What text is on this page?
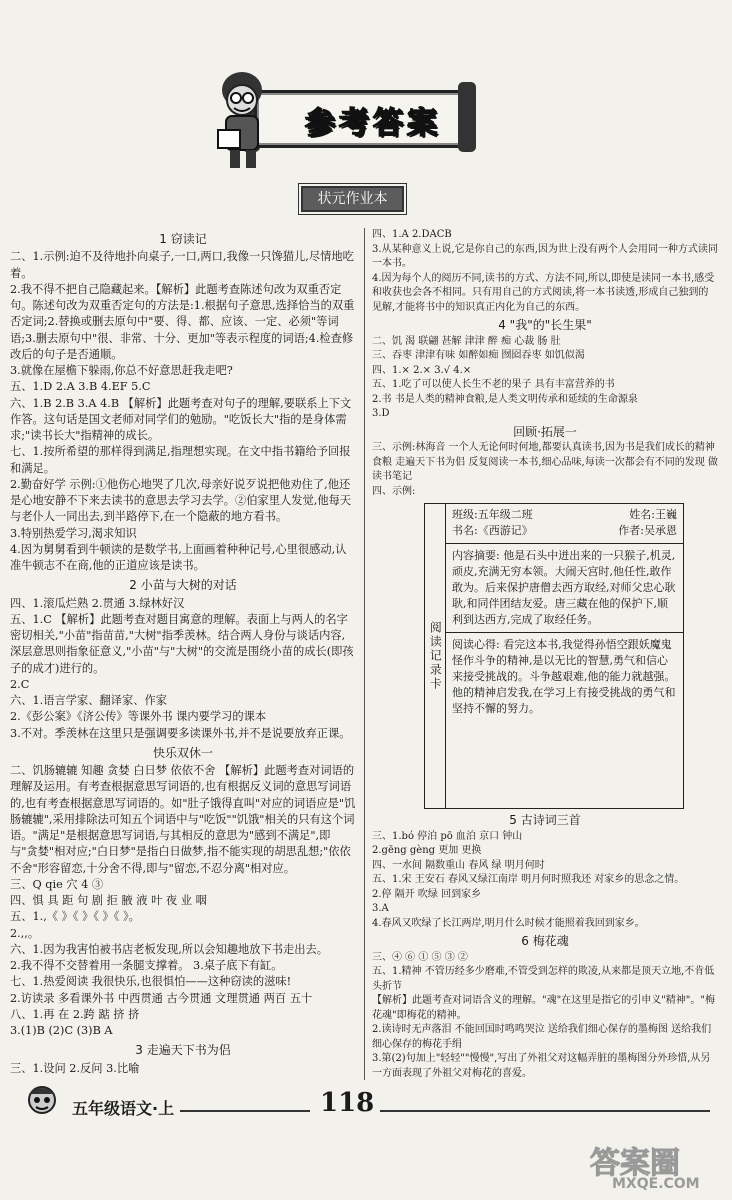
参考答案
状元作业本
1 窃读记
二、1.示例:迫不及待地扑向桌子,一口,两口,我像一只馋猫儿,尽情地吃着。
2.我不得不把自己隐藏起来。【解析】此题考查陈述句改为双重否定句。陈述句改为双重否定句的方法是:1.根据句子意思,选择恰当的双重否定词;2.替换或删去原句中"要、得、都、应该、一定、必须"等词语;3.删去原句中"很、非常、十分、更加"等表示程度的词语;4.检查修改后的句子是否通顺。
3.就像在屋檐下躲雨,你总不好意思赶我走吧?
五、1.D 2.A 3.B 4.EF 5.C
六、1.B 2.B 3.A 4.B 【解析】此题考查对句子的理解,要联系上下文作答。这句话是国文老师对同学们的勉励。"吃饭长大"指的是身体需求;"读书长大"指精神的成长。
七、1.按所希望的那样得到满足,指理想实现。在文中指书籍给予回报和满足。
2.勤奋好学 示例:①他伤心地哭了几次,母亲好说歹说把他劝住了,他还是心地安静不下来去读书的意思去学习去学。②伯家里人发觉,他每天与老仆人一同出去,到半路停下,在一个隐蔽的地方看书。
3.特别热爱学习,渴求知识
4.因为舅舅看到牛顿读的是数学书,上面画着种种记号,心里很感动,认准牛顿志不在商,他的正道应该是读书。
2 小苗与大树的对话
四、1.滚瓜烂熟 2.贯通 3.绿林好汉
五、1.C 【解析】此题考查对题目寓意的理解。表面上与两人的名字密切相关,"小苗"指苗苗,"大树"指季羡林。结合两人身份与谈话内容,深层意思则指象征意义,"小苗"与"大树"的交流是围绕小苗的成长(即孩子的成才)进行的。
2.C
六、1.语言学家、翻译家、作家
2.《彭公案》《济公传》等课外书 课内要学习的课本
3.不对。季羡林在这里只是强调要多读课外书,并不是说要放弃正课。
快乐双休一
二、饥肠辘辘 知趣 贪婪 白日梦 依依不舍 【解析】此题考查对词语的理解及运用。有考查根据意思写词语的,也有根据反义词的意思写词语的,也有考查根据意思写词语的。如"肚子饿得直叫"对应的词语应是"饥肠辘辘",采用排除法可知五个词语中与"吃饭""饥饿"相关的只有这个词语。"满足"是根据意思写词语,与其相反的意思为"感到不满足",即与"贪婪"相对应;"白日梦"是指白日做梦,指不能实现的胡思乱想;"依依不舍"形容留恋,十分舍不得,即与"留恋,不忍分离"相对应。
三、Q qie 穴 4 ③
四、惧 具 距 句 剧 拒 腋 液 叶 夜 业 咽
五、1.,《 》《 》《 》《 》。
2.,,。
六、1.因为我害怕被书店老板发现,所以会知趣地放下书走出去。
2.我不得不交替着用一条腿支撑着。 3.桌子底下有缸。
七、1.热爱阅读 我很快乐,也很惧怕——这种窃读的滋味!
2.访读录 多看课外书 中西贯通 古今贯通 文理贯通 两百 五十
八、1.再 在 2.跨 踮 挤 挤
3.(1)B (2)C (3)B A
3 走遍天下书为侣
三、1.设问 2.反问 3.比喻
四、1.A 2.DACB
3.从某种意义上说,它是你自己的东西,因为世上没有两个人会用同一种方式读同一本书。
4.因为每个人的阅历不同,读书的方式、方法不同,所以,即使是读同一本书,感受和收获也会各不相同。只有用自己的方式阅读,将一本书读透,形成自己独到的见解,才能将书中的知识真正内化为自己的东西。
4 "我"的"长生果"
二、饥 渴 联翩 甚解 津津 醉 痴 心裁 肠 肚
三、吞枣 津津有味 如醉如痴 囫囵吞枣 如饥似渴
四、1.× 2.× 3.√ 4.×
五、1.吃了可以使人长生不老的果子 具有丰富营养的书
2.书 书是人类的精神食粮,是人类文明传承和延续的生命源泉
3.D
回顾·拓展一
三、示例:林海音 一个人无论何时何地,都要认真读书,因为书是我们成长的精神食粮 走遍天下书为侣 反复阅读一本书,细心品味,每读一次都会有不同的发现 做读书笔记
四、示例:
阅读记录卡
班级:五年级二班	姓名:王巍
书名:《西游记》	作者:吴承恩
内容摘要: 他是石头中迸出来的一只猴子,机灵,顽皮,充满无穷本领。大闹天宫时,他任性,敢作敢为。后来保护唐僧去西方取经,对师父忠心耿耿,和同伴团结友爱。唐三藏在他的保护下,顺利到达西方,完成了取经任务。
阅读心得: 看完这本书,我觉得孙悟空跟妖魔鬼怪作斗争的精神,是以无比的智慧,勇气和信心来接受挑战的。斗争越艰难,他的能力就越强。他的精神启发我,在学习上有接受挑战的勇气和坚持不懈的努力。
5 古诗词三首
三、1.bó 停泊 pō 血泊 京口 钟山
2.gēng gèng 更加 更换
四、一水间 隔数重山 春风 绿 明月何时
五、1.宋 王安石 春风又绿江南岸 明月何时照我还 对家乡的思念之情。
2.停 隔开 吹绿 回到家乡
3.A
4.春风又吹绿了长江两岸,明月什么时候才能照着我回到家乡。
6 梅花魂
三、④ ⑥ ① ⑤ ③ ②
五、1.精神 不管历经多少磨难,不管受到怎样的欺凌,从来都是顶天立地,不肯低头折节
【解析】此题考查对词语含义的理解。"魂"在这里是指它的引申义"精神"。"梅花魂"即梅花的精神。
2.读诗时无声落泪 不能回国时鸣鸣哭泣 送给我们细心保存的墨梅图 送给我们细心保存的梅花手绢
3.第(2)句加上"轻轻""慢慢",写出了外祖父对这幅弄脏的墨梅图分外珍惜,从另一方面表现了外祖父对梅花的喜爱。
五年级语文·上	118
答案圈
MXQE.COM
